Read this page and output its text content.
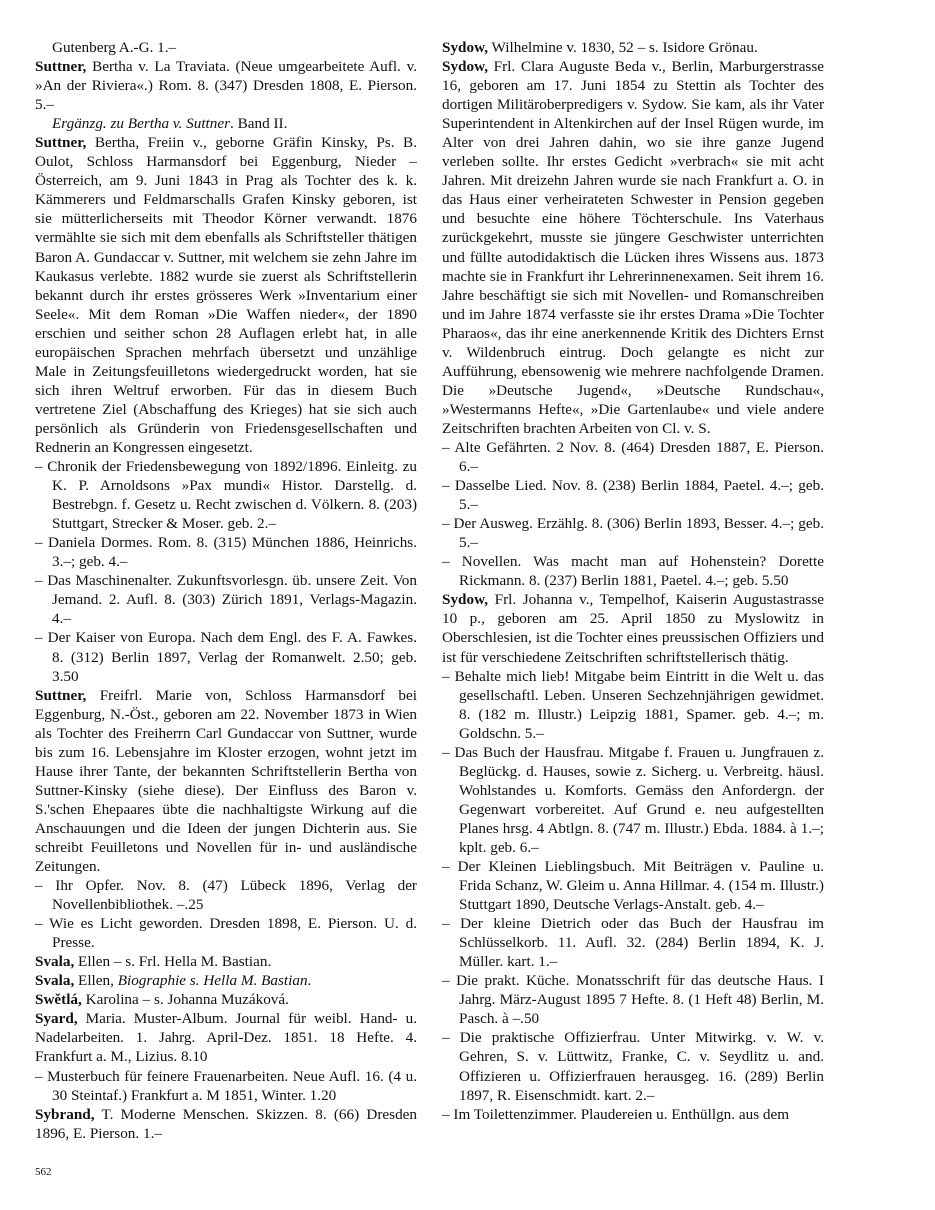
Gutenberg A.-G. 1.–

Suttner, Bertha v. La Traviata. (Neue umgearbeitete Aufl. v. »An der Riviera«.) Rom. 8. (347) Dresden 1808, E. Pierson. 5.–

Ergänzg. zu Bertha v. Suttner. Band II.

Suttner, Bertha, Freiin v., geborne Gräfin Kinsky, Ps. B. Oulot, Schloss Harmansdorf bei Eggenburg, Nieder – Österreich, am 9. Juni 1843 in Prag als Tochter des k. k. Kämmerers und Feldmarschalls Grafen Kinsky geboren, ist sie mütterlicherseits mit Theodor Körner verwandt. 1876 vermählte sie sich mit dem ebenfalls als Schriftsteller thätigen Baron A. Gundaccar v. Suttner, mit welchem sie zehn Jahre im Kaukasus verlebte. 1882 wurde sie zuerst als Schriftstellerin bekannt durch ihr erstes grösseres Werk »Inventarium einer Seele«. Mit dem Roman »Die Waffen nieder«, der 1890 erschien und seither schon 28 Auflagen erlebt hat, in alle europäischen Sprachen mehrfach übersetzt und unzählige Male in Zeitungsfeuilletons wiedergedruckt worden, hat sie sich ihren Weltruf erworben. Für das in diesem Buch vertretene Ziel (Abschaffung des Krieges) hat sie sich auch persönlich als Gründerin von Friedensgesellschaften und Rednerin an Kongressen eingesetzt.

– Chronik der Friedensbewegung von 1892/1896. Einleitg. zu K. P. Arnoldsons »Pax mundi« Histor. Darstellg. d. Bestrebgn. f. Gesetz u. Recht zwischen d. Völkern. 8. (203) Stuttgart, Strecker & Moser. geb. 2.–

– Daniela Dormes. Rom. 8. (315) München 1886, Heinrichs. 3.–; geb. 4.–

– Das Maschinenalter. Zukunftsvorlesgn. üb. unsere Zeit. Von Jemand. 2. Aufl. 8. (303) Zürich 1891, Verlags-Magazin. 4.–

– Der Kaiser von Europa. Nach dem Engl. des F. A. Fawkes. 8. (312) Berlin 1897, Verlag der Romanwelt. 2.50; geb. 3.50

Suttner, Freifrl. Marie von, Schloss Harmansdorf bei Eggenburg, N.-Öst., geboren am 22. November 1873 in Wien als Tochter des Freiherrn Carl Gundaccar von Suttner, wurde bis zum 16. Lebensjahre im Kloster erzogen, wohnt jetzt im Hause ihrer Tante, der bekannten Schriftstellerin Bertha von Suttner-Kinsky (siehe diese). Der Einfluss des Baron v. S.'schen Ehepaares übte die nachhaltigste Wirkung auf die Anschauungen und die Ideen der jungen Dichterin aus. Sie schreibt Feuilletons und Novellen für in- und ausländische Zeitungen.

– Ihr Opfer. Nov. 8. (47) Lübeck 1896, Verlag der Novellenbibliothek. –.25

– Wie es Licht geworden. Dresden 1898, E. Pierson. U. d. Presse.

Svala, Ellen – s. Frl. Hella M. Bastian.

Svala, Ellen, Biographie s. Hella M. Bastian.

Swětlá, Karolina – s. Johanna Muzáková.

Syard, Maria. Muster-Album. Journal für weibl. Hand- u. Nadelarbeiten. 1. Jahrg. April-Dez. 1851. 18 Hefte. 4. Frankfurt a. M., Lizius. 8.10

– Musterbuch für feinere Frauenarbeiten. Neue Aufl. 16. (4 u. 30 Steintaf.) Frankfurt a. M 1851, Winter. 1.20

Sybrand, T. Moderne Menschen. Skizzen. 8. (66) Dresden 1896, E. Pierson. 1.–

Sydow, Wilhelmine v. 1830, 52 – s. Isidore Grönau.

Sydow, Frl. Clara Auguste Beda v., Berlin, Marburgerstrasse 16, geboren am 17. Juni 1854 zu Stettin als Tochter des dortigen Militäroberpredigers v. Sydow. Sie kam, als ihr Vater Superintendent in Altenkirchen auf der Insel Rügen wurde, im Alter von drei Jahren dahin, wo sie ihre ganze Jugend verleben sollte. Ihr erstes Gedicht »verbrach« sie mit acht Jahren. Mit dreizehn Jahren wurde sie nach Frankfurt a. O. in das Haus einer verheirateten Schwester in Pension gegeben und besuchte eine höhere Töchterschule. Ins Vaterhaus zurückgekehrt, musste sie jüngere Geschwister unterrichten und füllte autodidaktisch die Lücken ihres Wissens aus. 1873 machte sie in Frankfurt ihr Lehrerinnenexamen. Seit ihrem 16. Jahre beschäftigt sie sich mit Novellen- und Romanschreiben und im Jahre 1874 verfasste sie ihr erstes Drama »Die Tochter Pharaos«, das ihr eine anerkennende Kritik des Dichters Ernst v. Wildenbruch eintrug. Doch gelangte es nicht zur Aufführung, ebensowenig wie mehrere nachfolgende Dramen. Die »Deutsche Jugend«, »Deutsche Rundschau«, »Westermanns Hefte«, »Die Gartenlaube« und viele andere Zeitschriften brachten Arbeiten von Cl. v. S.

– Alte Gefährten. 2 Nov. 8. (464) Dresden 1887, E. Pierson. 6.–

– Dasselbe Lied. Nov. 8. (238) Berlin 1884, Paetel. 4.–; geb. 5.–

– Der Ausweg. Erzählg. 8. (306) Berlin 1893, Besser. 4.–; geb. 5.–

– Novellen. Was macht man auf Hohenstein? Dorette Rickmann. 8. (237) Berlin 1881, Paetel. 4.–; geb. 5.50

Sydow, Frl. Johanna v., Tempelhof, Kaiserin Augustastrasse 10 p., geboren am 25. April 1850 zu Myslowitz in Oberschlesien, ist die Tochter eines preussischen Offiziers und ist für verschiedene Zeitschriften schriftstellerisch thätig.

– Behalte mich lieb! Mitgabe beim Eintritt in die Welt u. das gesellschaftl. Leben. Unseren Sechzehnjährigen gewidmet. 8. (182 m. Illustr.) Leipzig 1881, Spamer. geb. 4.–; m. Goldschn. 5.–

– Das Buch der Hausfrau. Mitgabe f. Frauen u. Jungfrauen z. Beglückg. d. Hauses, sowie z. Sicherg. u. Verbreitg. häusl. Wohlstandes u. Komforts. Gemäss den Anfordergn. der Gegenwart vorbereitet. Auf Grund e. neu aufgestellten Planes hrsg. 4 Abtlgn. 8. (747 m. Illustr.) Ebda. 1884. à 1.–; kplt. geb. 6.–

– Der Kleinen Lieblingsbuch. Mit Beiträgen v. Pauline u. Frida Schanz, W. Gleim u. Anna Hillmar. 4. (154 m. Illustr.) Stuttgart 1890, Deutsche Verlags-Anstalt. geb. 4.–

– Der kleine Dietrich oder das Buch der Hausfrau im Schlüsselkorb. 11. Aufl. 32. (284) Berlin 1894, K. J. Müller. kart. 1.–

– Die prakt. Küche. Monatsschrift für das deutsche Haus. I Jahrg. März-August 1895 7 Hefte. 8. (1 Heft 48) Berlin, M. Pasch. à –.50

– Die praktische Offizierfrau. Unter Mitwirkg. v. W. v. Gehren, S. v. Lüttwitz, Franke, C. v. Seydlitz u. and. Offizieren u. Offizierfrauen herausgeg. 16. (289) Berlin 1897, R. Eisenschmidt. kart. 2.–

– Im Toilettenzimmer. Plaudereien u. Enthüllgn. aus dem

562
